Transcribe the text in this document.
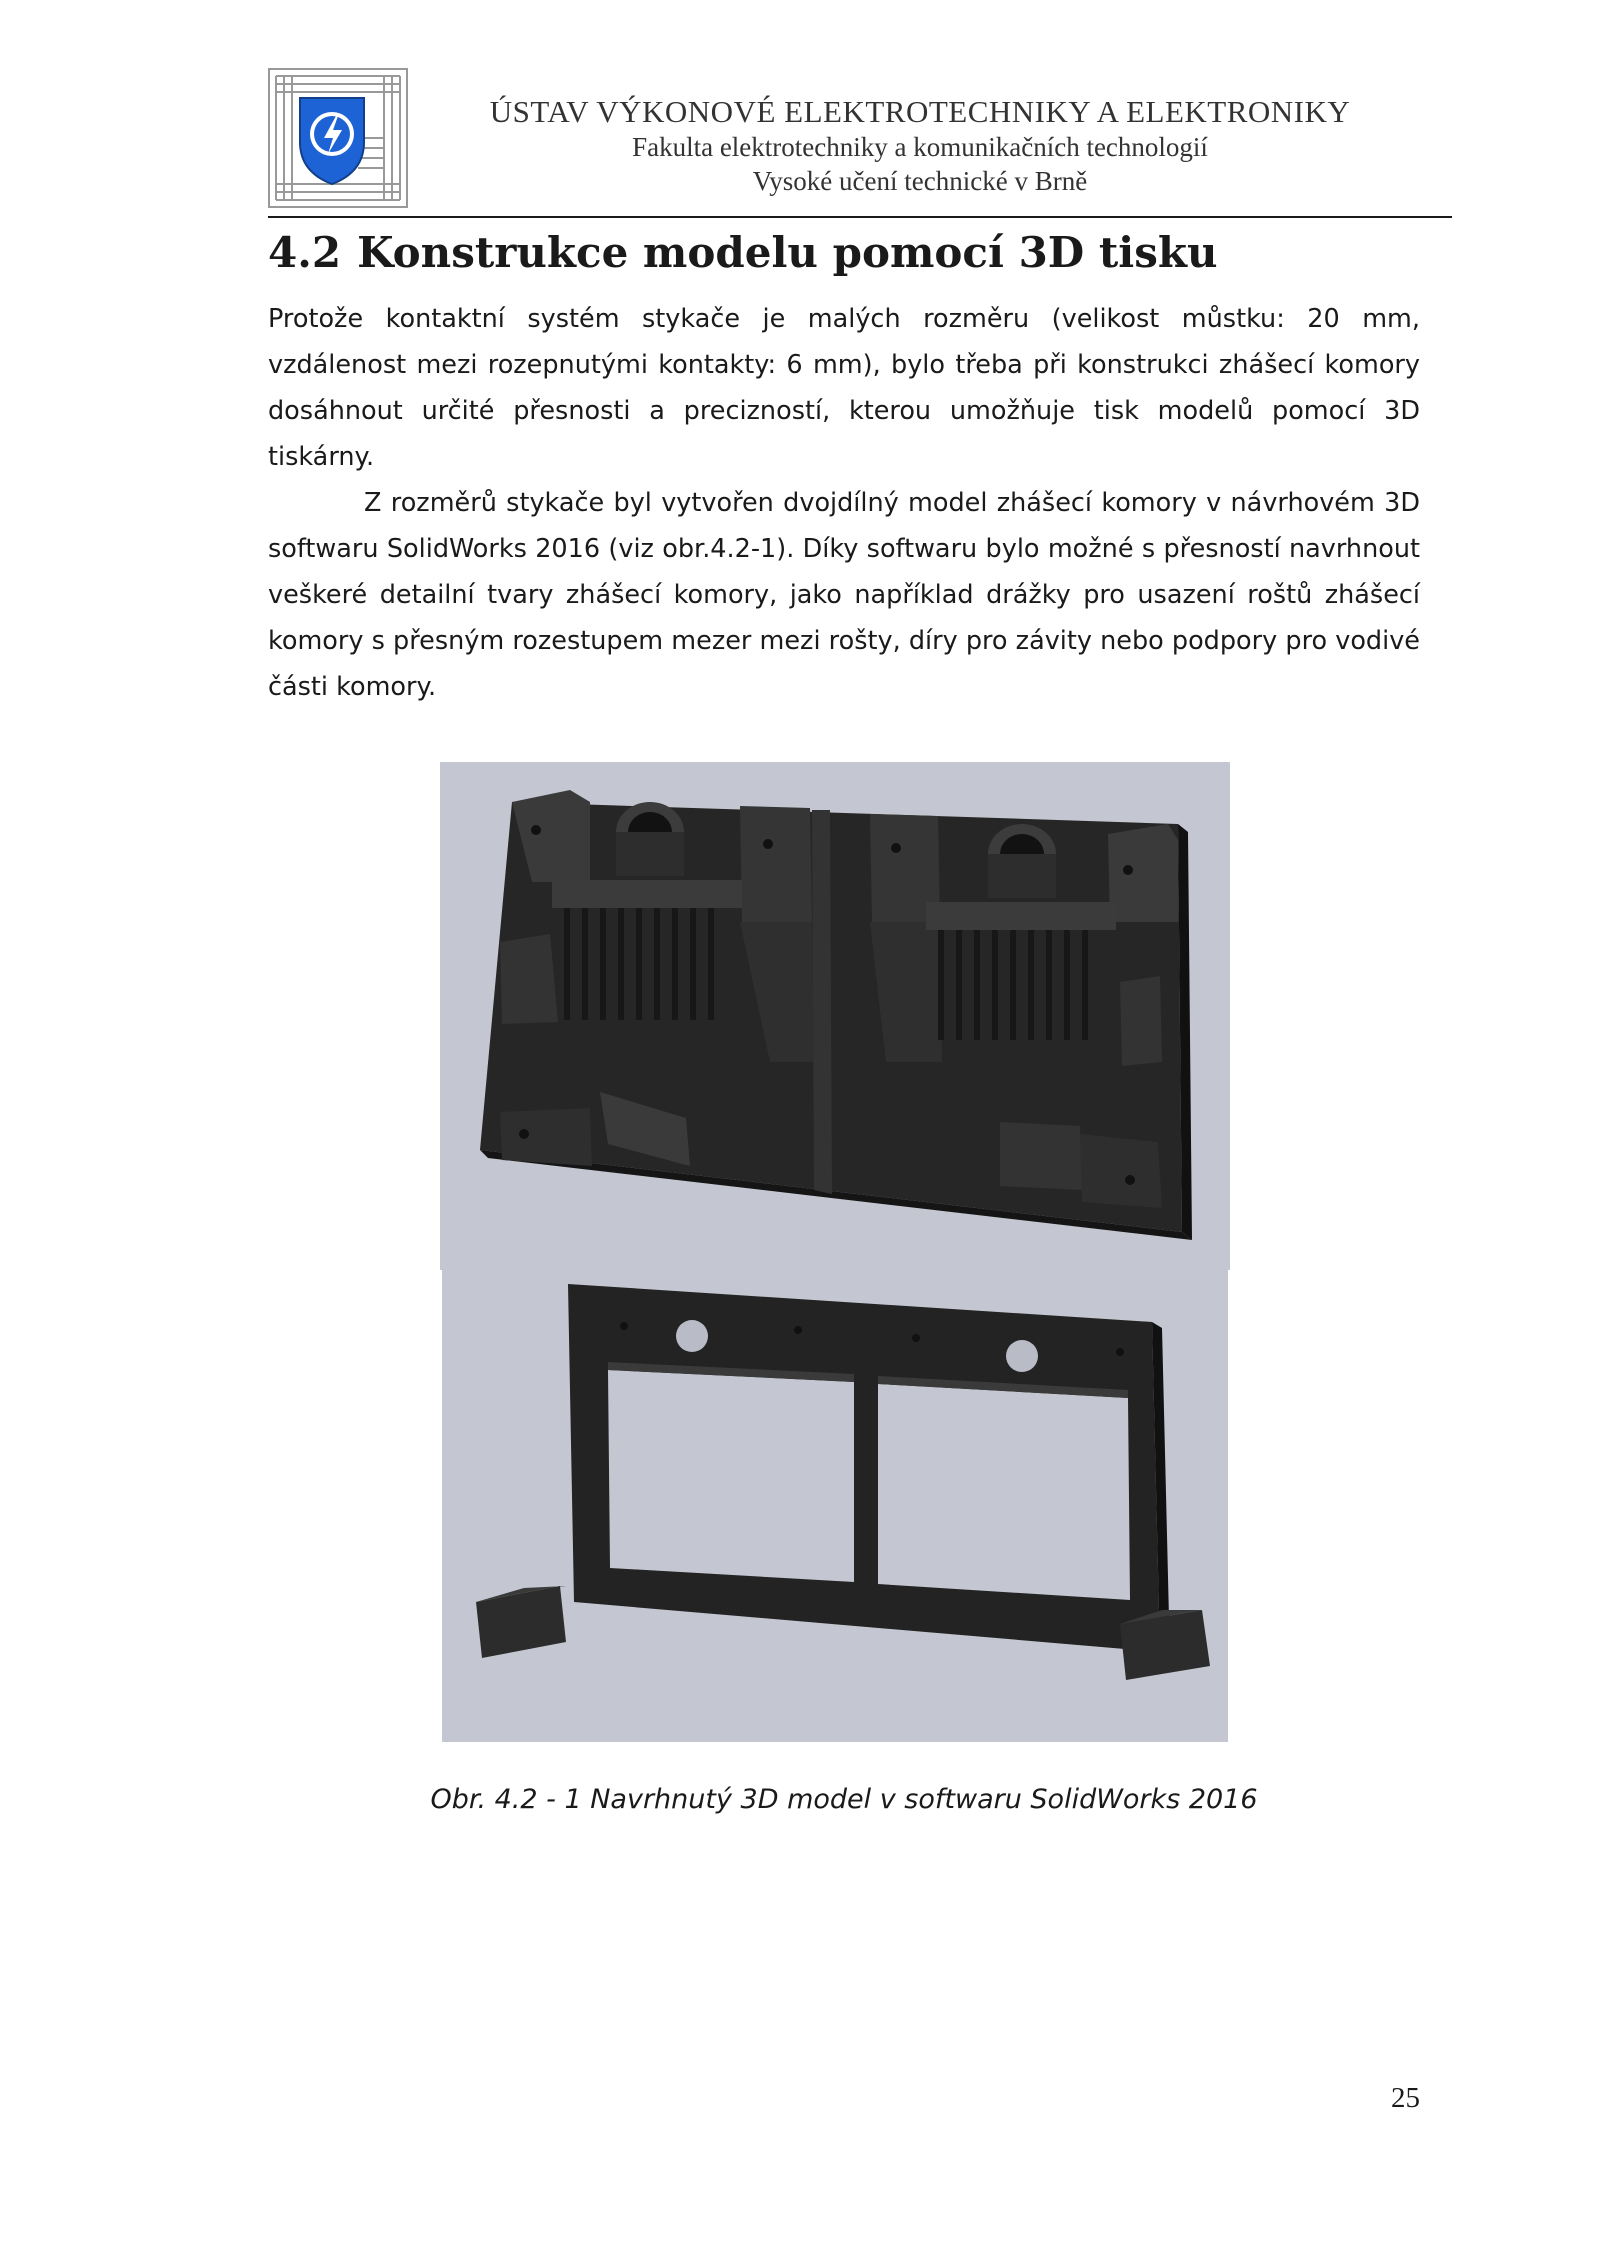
ÚSTAV VÝKONOVÉ ELEKTROTECHNIKY A ELEKTRONIKY
Fakulta elektrotechniky a komunikačních technologií
Vysoké učení technické v Brně
4.2 Konstrukce modelu pomocí 3D tisku

Protože kontaktní systém stykače je malých rozměru (velikost můstku: 20 mm, vzdálenost mezi rozepnutými kontakty: 6 mm), bylo třeba při konstrukci zhášecí komory dosáhnout určité přesnosti a precizností, kterou umožňuje tisk modelů pomocí 3D tiskárny.

Z rozměrů stykače byl vytvořen dvojdílný model zhášecí komory v návrhovém 3D softwaru SolidWorks 2016 (viz obr.4.2-1). Díky softwaru bylo možné s přesností navrhnout veškeré detailní tvary zhášecí komory, jako například drážky pro usazení roštů zhášecí komory s přesným rozestupem mezer mezi rošty, díry pro závity nebo podpory pro vodivé části komory.

Obr. 4.2 - 1 Navrhnutý 3D model v softwaru SolidWorks 2016
25
